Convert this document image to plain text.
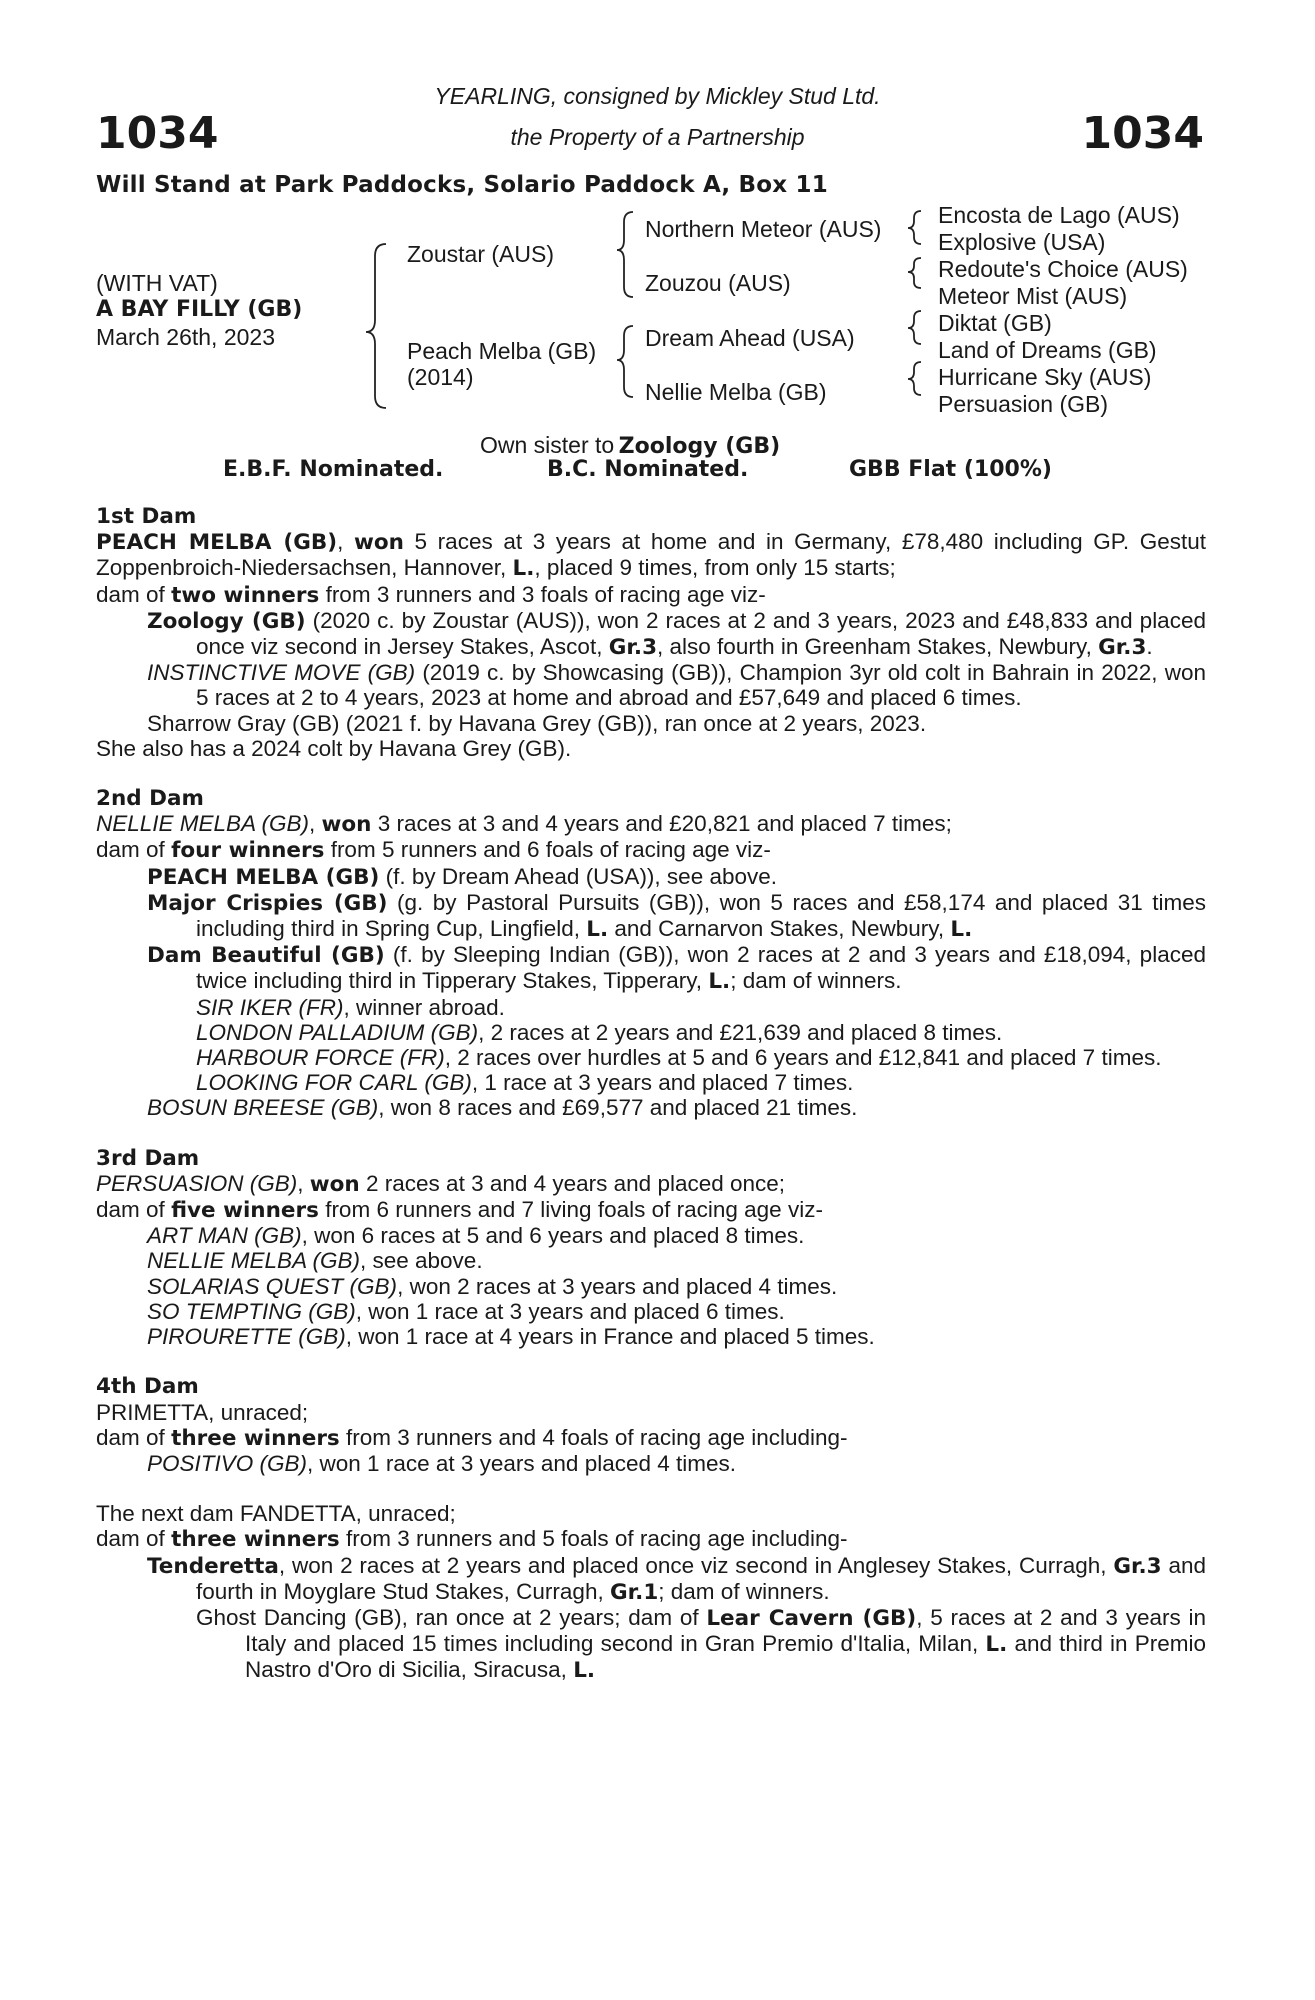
1034	1034
YEARLING, consigned by Mickley Stud Ltd.
the Property of a Partnership
Will Stand at Park Paddocks, Solario Paddock A, Box 11
(WITH VAT)
A BAY FILLY (GB)
March 26th, 2023
Zoustar (AUS)
Peach Melba (GB)
(2014)
Northern Meteor (AUS)
Zouzou (AUS)
Dream Ahead (USA)
Nellie Melba (GB)
Encosta de Lago (AUS)
Explosive (USA)
Redoute's Choice (AUS)
Meteor Mist (AUS)
Diktat (GB)
Land of Dreams (GB)
Hurricane Sky (AUS)
Persuasion (GB)
Own sister to Zoology (GB)
E.B.F. Nominated.	B.C. Nominated.	GBB Flat (100%)

1st Dam

PEACH MELBA (GB), won 5 races at 3 years at home and in Germany, £78,480 including GP. Gestut Zoppenbroich-Niedersachsen, Hannover, L., placed 9 times, from only 15 starts;

dam of two winners from 3 runners and 3 foals of racing age viz-

Zoology (GB) (2020 c. by Zoustar (AUS)), won 2 races at 2 and 3 years, 2023 and £48,833 and placed once viz second in Jersey Stakes, Ascot, Gr.3, also fourth in Greenham Stakes, Newbury, Gr.3.

INSTINCTIVE MOVE (GB) (2019 c. by Showcasing (GB)), Champion 3yr old colt in Bahrain in 2022, won 5 races at 2 to 4 years, 2023 at home and abroad and £57,649 and placed 6 times.

Sharrow Gray (GB) (2021 f. by Havana Grey (GB)), ran once at 2 years, 2023.

She also has a 2024 colt by Havana Grey (GB).

2nd Dam

NELLIE MELBA (GB), won 3 races at 3 and 4 years and £20,821 and placed 7 times;

dam of four winners from 5 runners and 6 foals of racing age viz-

PEACH MELBA (GB) (f. by Dream Ahead (USA)), see above.

Major Crispies (GB) (g. by Pastoral Pursuits (GB)), won 5 races and £58,174 and placed 31 times including third in Spring Cup, Lingfield, L. and Carnarvon Stakes, Newbury, L.

Dam Beautiful (GB) (f. by Sleeping Indian (GB)), won 2 races at 2 and 3 years and £18,094, placed twice including third in Tipperary Stakes, Tipperary, L.; dam of winners.

SIR IKER (FR), winner abroad.

LONDON PALLADIUM (GB), 2 races at 2 years and £21,639 and placed 8 times.

HARBOUR FORCE (FR), 2 races over hurdles at 5 and 6 years and £12,841 and placed 7 times.

LOOKING FOR CARL (GB), 1 race at 3 years and placed 7 times.

BOSUN BREESE (GB), won 8 races and £69,577 and placed 21 times.

3rd Dam

PERSUASION (GB), won 2 races at 3 and 4 years and placed once;

dam of five winners from 6 runners and 7 living foals of racing age viz-

ART MAN (GB), won 6 races at 5 and 6 years and placed 8 times.

NELLIE MELBA (GB), see above.

SOLARIAS QUEST (GB), won 2 races at 3 years and placed 4 times.

SO TEMPTING (GB), won 1 race at 3 years and placed 6 times.

PIROURETTE (GB), won 1 race at 4 years in France and placed 5 times.

4th Dam

PRIMETTA, unraced;

dam of three winners from 3 runners and 4 foals of racing age including-

POSITIVO (GB), won 1 race at 3 years and placed 4 times.

The next dam FANDETTA, unraced;

dam of three winners from 3 runners and 5 foals of racing age including-

Tenderetta, won 2 races at 2 years and placed once viz second in Anglesey Stakes, Curragh, Gr.3 and fourth in Moyglare Stud Stakes, Curragh, Gr.1; dam of winners.

Ghost Dancing (GB), ran once at 2 years; dam of Lear Cavern (GB), 5 races at 2 and 3 years in Italy and placed 15 times including second in Gran Premio d'Italia, Milan, L. and third in Premio Nastro d'Oro di Sicilia, Siracusa, L.
